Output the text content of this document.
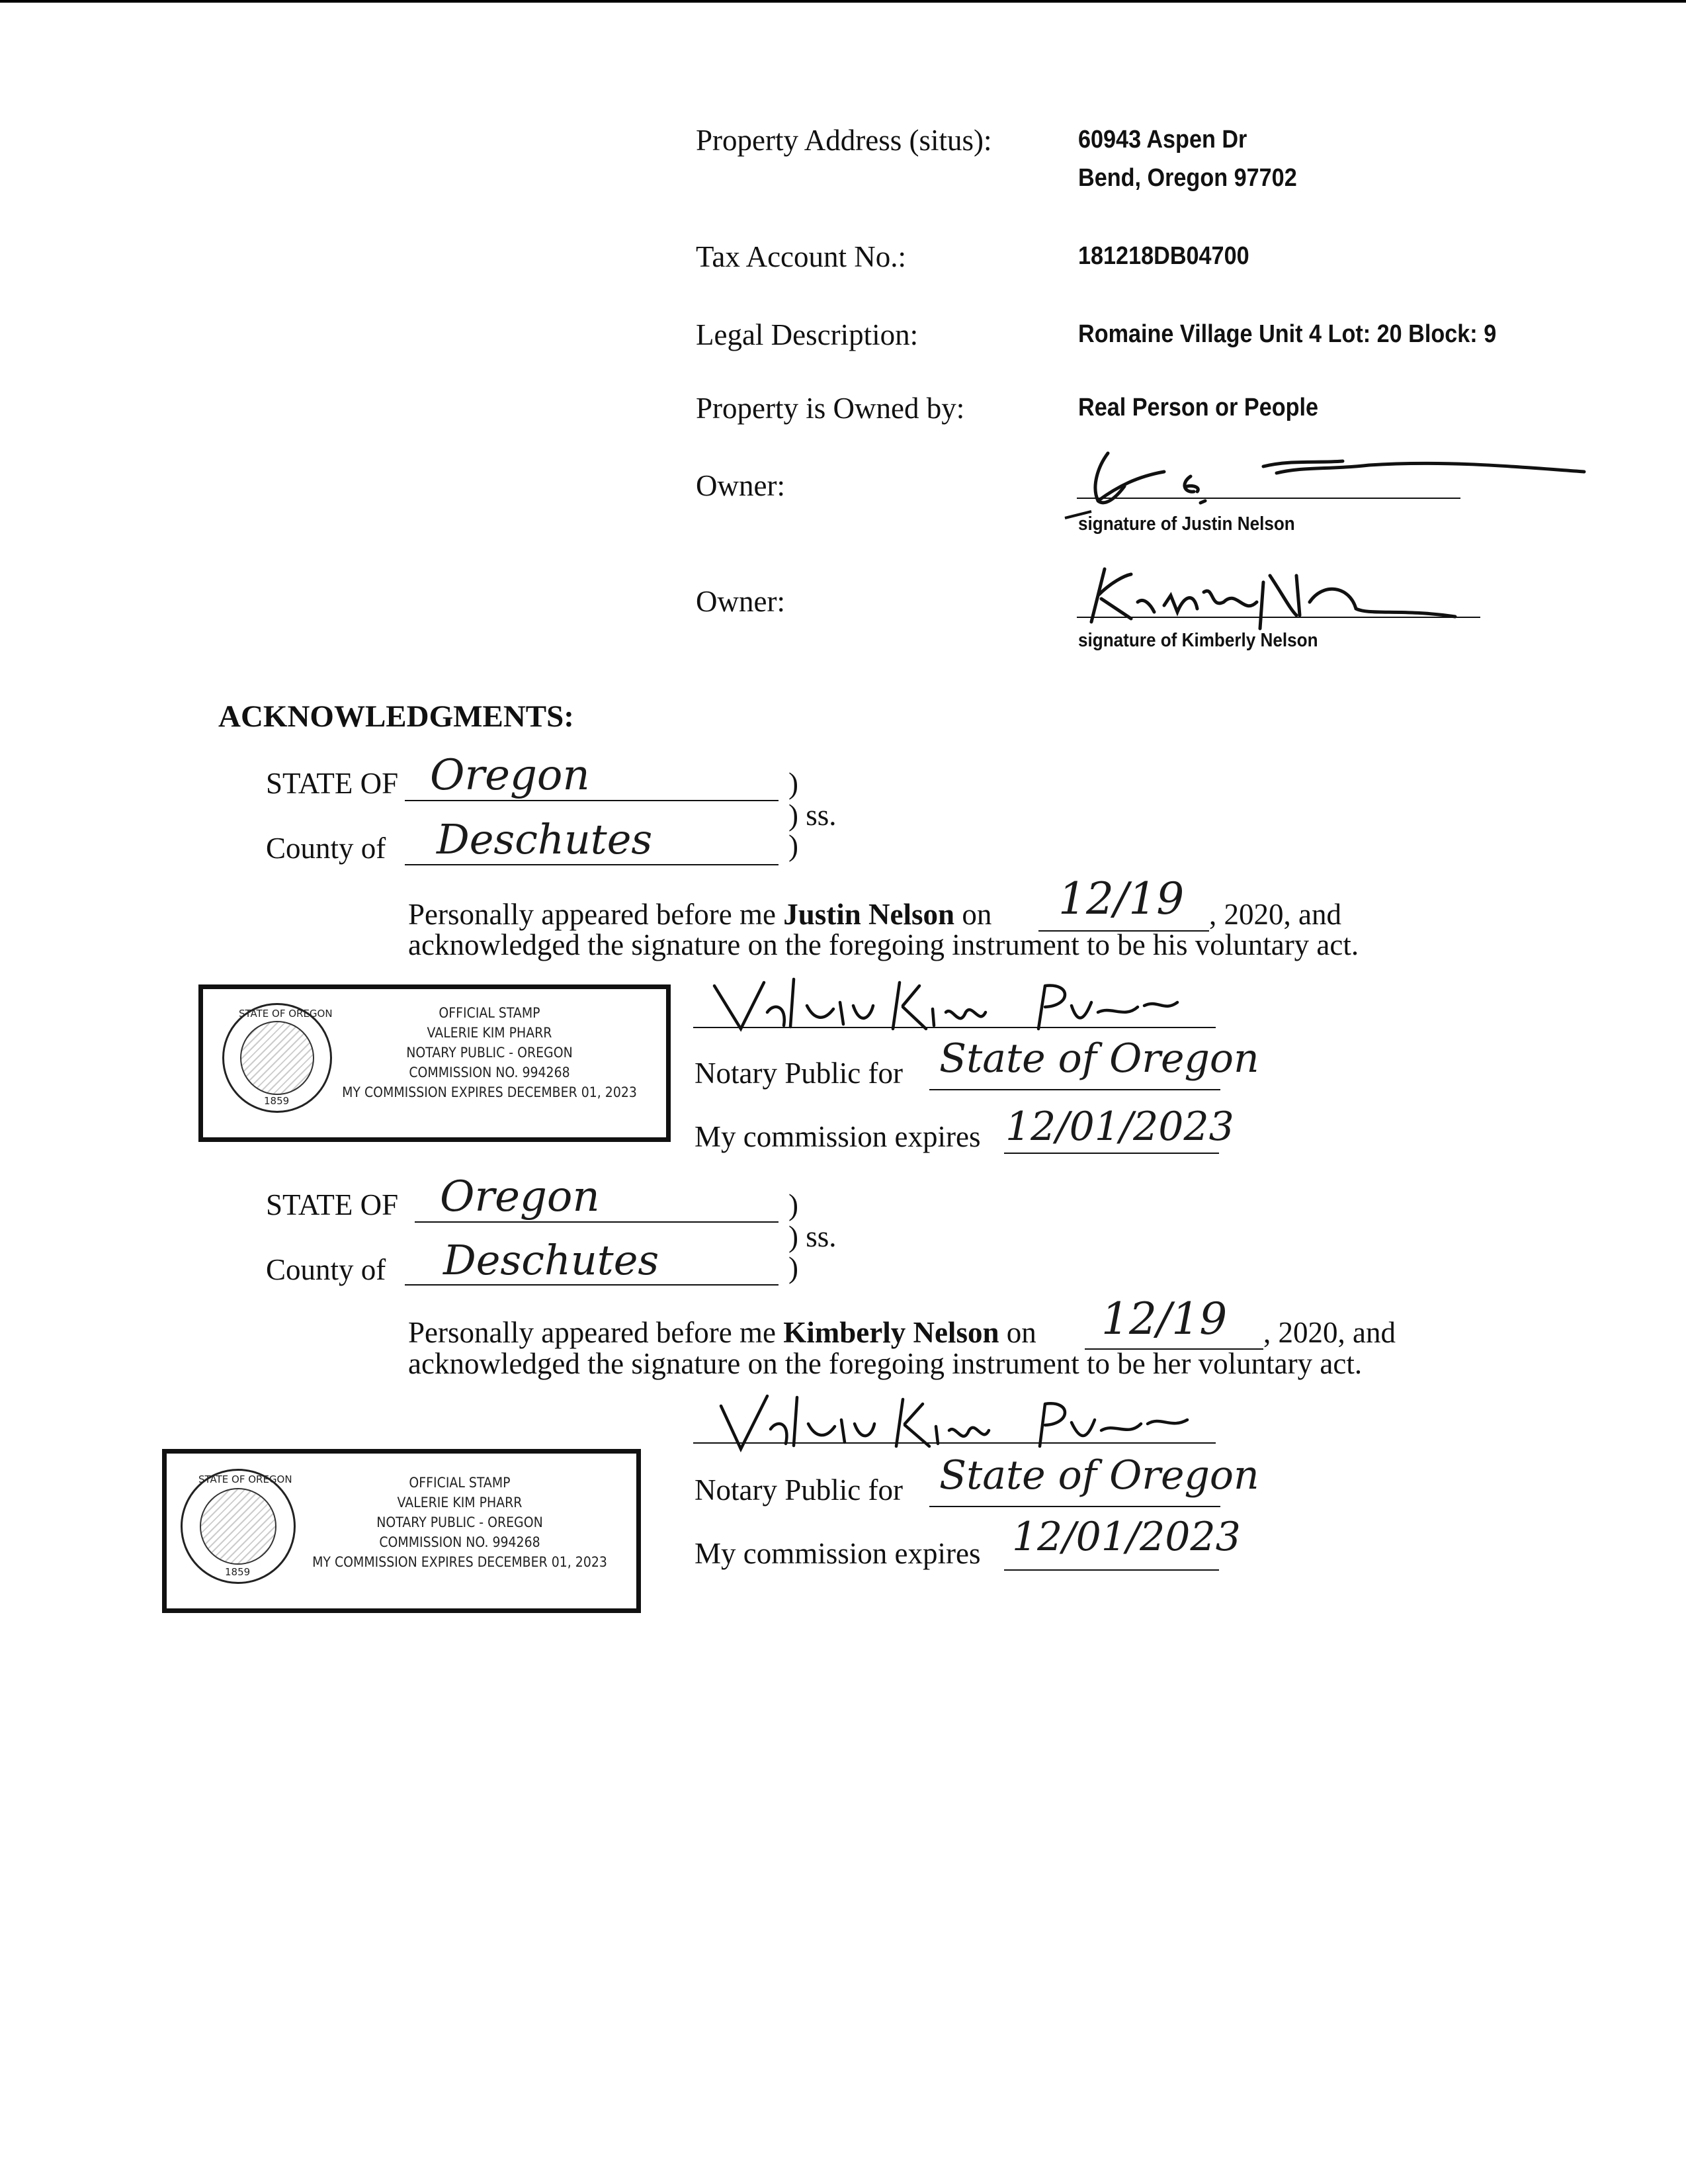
Property Address (situs):	60943 Aspen Dr
Bend, Oregon 97702
Tax Account No.:	181218DB04700
Legal Description:	Romaine Village Unit 4 Lot: 20 Block: 9
Property is Owned by:	Real Person or People
Owner:
signature of Justin Nelson
Owner:
signature of Kimberly Nelson
ACKNOWLEDGMENTS:
STATE OF Oregon	)
) ss.
)
County of Deschutes
Personally appeared before me Justin Nelson on 12/19 , 2020, and
acknowledged the signature on the foregoing instrument to be his voluntary act.
STATE OF OREGON
1859
OFFICIAL STAMP
VALERIE KIM PHARR
NOTARY PUBLIC - OREGON
COMMISSION NO. 994268
MY COMMISSION EXPIRES DECEMBER 01, 2023
Notary Public for State of Oregon
My commission expires 12/01/2023
STATE OF Oregon	)
) ss.
)
County of Deschutes
Personally appeared before me Kimberly Nelson on 12/19 , 2020, and
acknowledged the signature on the foregoing instrument to be her voluntary act.
STATE OF OREGON
1859
OFFICIAL STAMP
VALERIE KIM PHARR
NOTARY PUBLIC - OREGON
COMMISSION NO. 994268
MY COMMISSION EXPIRES DECEMBER 01, 2023
Notary Public for State of Oregon
My commission expires 12/01/2023
